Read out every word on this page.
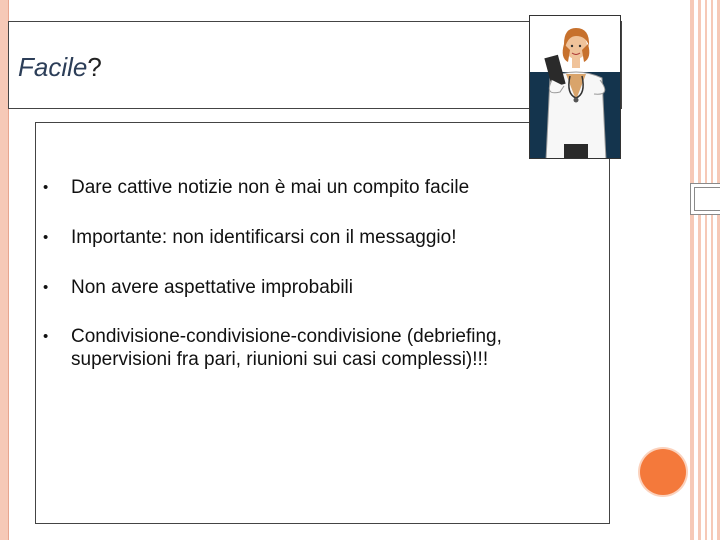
Facile?
• Dare cattive notizie non è mai un compito facile
• Importante: non identificarsi con il messaggio!
• Non avere aspettative improbabili
• Condivisione-condivisione-condivisione (debriefing, supervisioni fra pari, riunioni sui casi complessi)!!!
